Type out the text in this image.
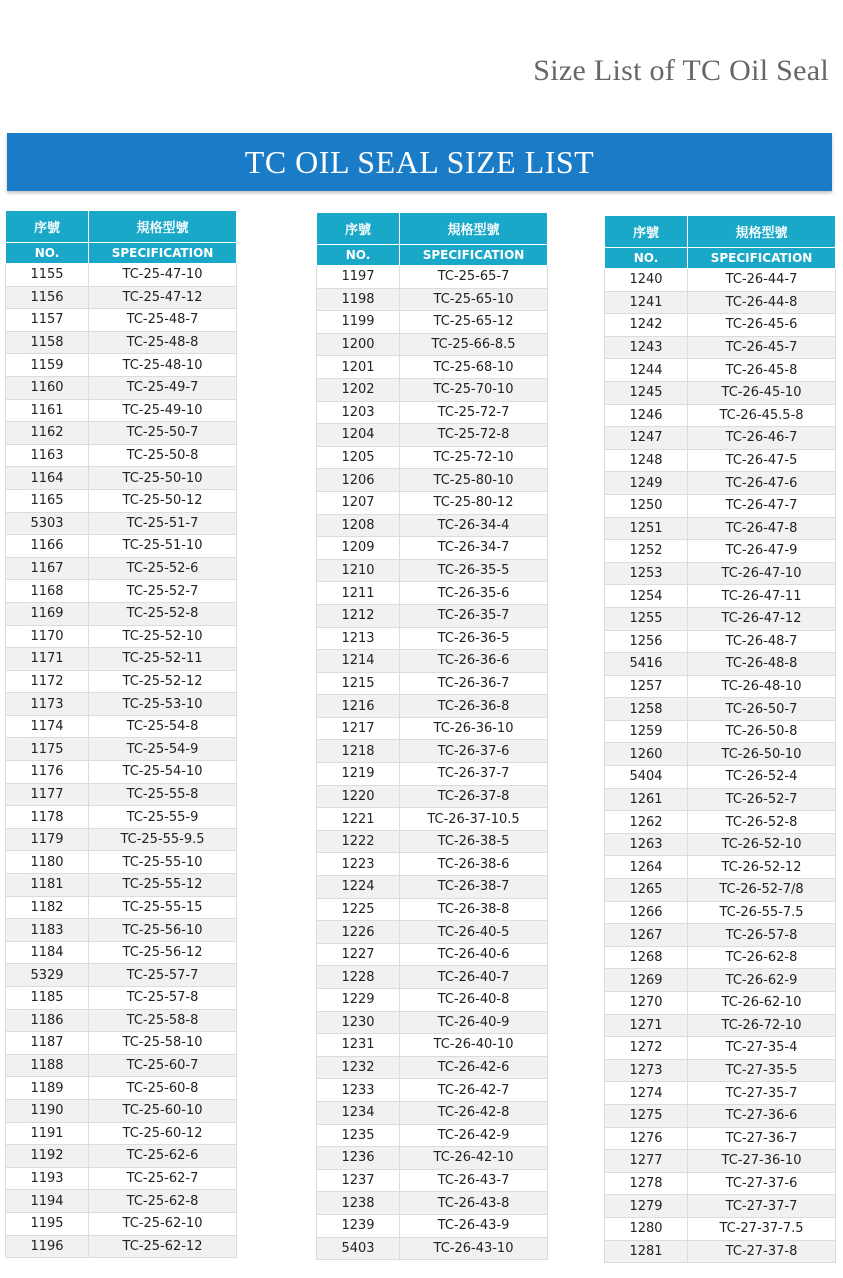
Size List of TC Oil Seal
TC OIL SEAL SIZE LIST
序號	規格型號
NO.	SPECIFICATION
1155	TC-25-47-10
1156	TC-25-47-12
1157	TC-25-48-7
1158	TC-25-48-8
1159	TC-25-48-10
1160	TC-25-49-7
1161	TC-25-49-10
1162	TC-25-50-7
1163	TC-25-50-8
1164	TC-25-50-10
1165	TC-25-50-12
5303	TC-25-51-7
1166	TC-25-51-10
1167	TC-25-52-6
1168	TC-25-52-7
1169	TC-25-52-8
1170	TC-25-52-10
1171	TC-25-52-11
1172	TC-25-52-12
1173	TC-25-53-10
1174	TC-25-54-8
1175	TC-25-54-9
1176	TC-25-54-10
1177	TC-25-55-8
1178	TC-25-55-9
1179	TC-25-55-9.5
1180	TC-25-55-10
1181	TC-25-55-12
1182	TC-25-55-15
1183	TC-25-56-10
1184	TC-25-56-12
5329	TC-25-57-7
1185	TC-25-57-8
1186	TC-25-58-8
1187	TC-25-58-10
1188	TC-25-60-7
1189	TC-25-60-8
1190	TC-25-60-10
1191	TC-25-60-12
1192	TC-25-62-6
1193	TC-25-62-7
1194	TC-25-62-8
1195	TC-25-62-10
1196	TC-25-62-12
序號	規格型號
NO.	SPECIFICATION
1197	TC-25-65-7
1198	TC-25-65-10
1199	TC-25-65-12
1200	TC-25-66-8.5
1201	TC-25-68-10
1202	TC-25-70-10
1203	TC-25-72-7
1204	TC-25-72-8
1205	TC-25-72-10
1206	TC-25-80-10
1207	TC-25-80-12
1208	TC-26-34-4
1209	TC-26-34-7
1210	TC-26-35-5
1211	TC-26-35-6
1212	TC-26-35-7
1213	TC-26-36-5
1214	TC-26-36-6
1215	TC-26-36-7
1216	TC-26-36-8
1217	TC-26-36-10
1218	TC-26-37-6
1219	TC-26-37-7
1220	TC-26-37-8
1221	TC-26-37-10.5
1222	TC-26-38-5
1223	TC-26-38-6
1224	TC-26-38-7
1225	TC-26-38-8
1226	TC-26-40-5
1227	TC-26-40-6
1228	TC-26-40-7
1229	TC-26-40-8
1230	TC-26-40-9
1231	TC-26-40-10
1232	TC-26-42-6
1233	TC-26-42-7
1234	TC-26-42-8
1235	TC-26-42-9
1236	TC-26-42-10
1237	TC-26-43-7
1238	TC-26-43-8
1239	TC-26-43-9
5403	TC-26-43-10
序號	規格型號
NO.	SPECIFICATION
1240	TC-26-44-7
1241	TC-26-44-8
1242	TC-26-45-6
1243	TC-26-45-7
1244	TC-26-45-8
1245	TC-26-45-10
1246	TC-26-45.5-8
1247	TC-26-46-7
1248	TC-26-47-5
1249	TC-26-47-6
1250	TC-26-47-7
1251	TC-26-47-8
1252	TC-26-47-9
1253	TC-26-47-10
1254	TC-26-47-11
1255	TC-26-47-12
1256	TC-26-48-7
5416	TC-26-48-8
1257	TC-26-48-10
1258	TC-26-50-7
1259	TC-26-50-8
1260	TC-26-50-10
5404	TC-26-52-4
1261	TC-26-52-7
1262	TC-26-52-8
1263	TC-26-52-10
1264	TC-26-52-12
1265	TC-26-52-7/8
1266	TC-26-55-7.5
1267	TC-26-57-8
1268	TC-26-62-8
1269	TC-26-62-9
1270	TC-26-62-10
1271	TC-26-72-10
1272	TC-27-35-4
1273	TC-27-35-5
1274	TC-27-35-7
1275	TC-27-36-6
1276	TC-27-36-7
1277	TC-27-36-10
1278	TC-27-37-6
1279	TC-27-37-7
1280	TC-27-37-7.5
1281	TC-27-37-8
